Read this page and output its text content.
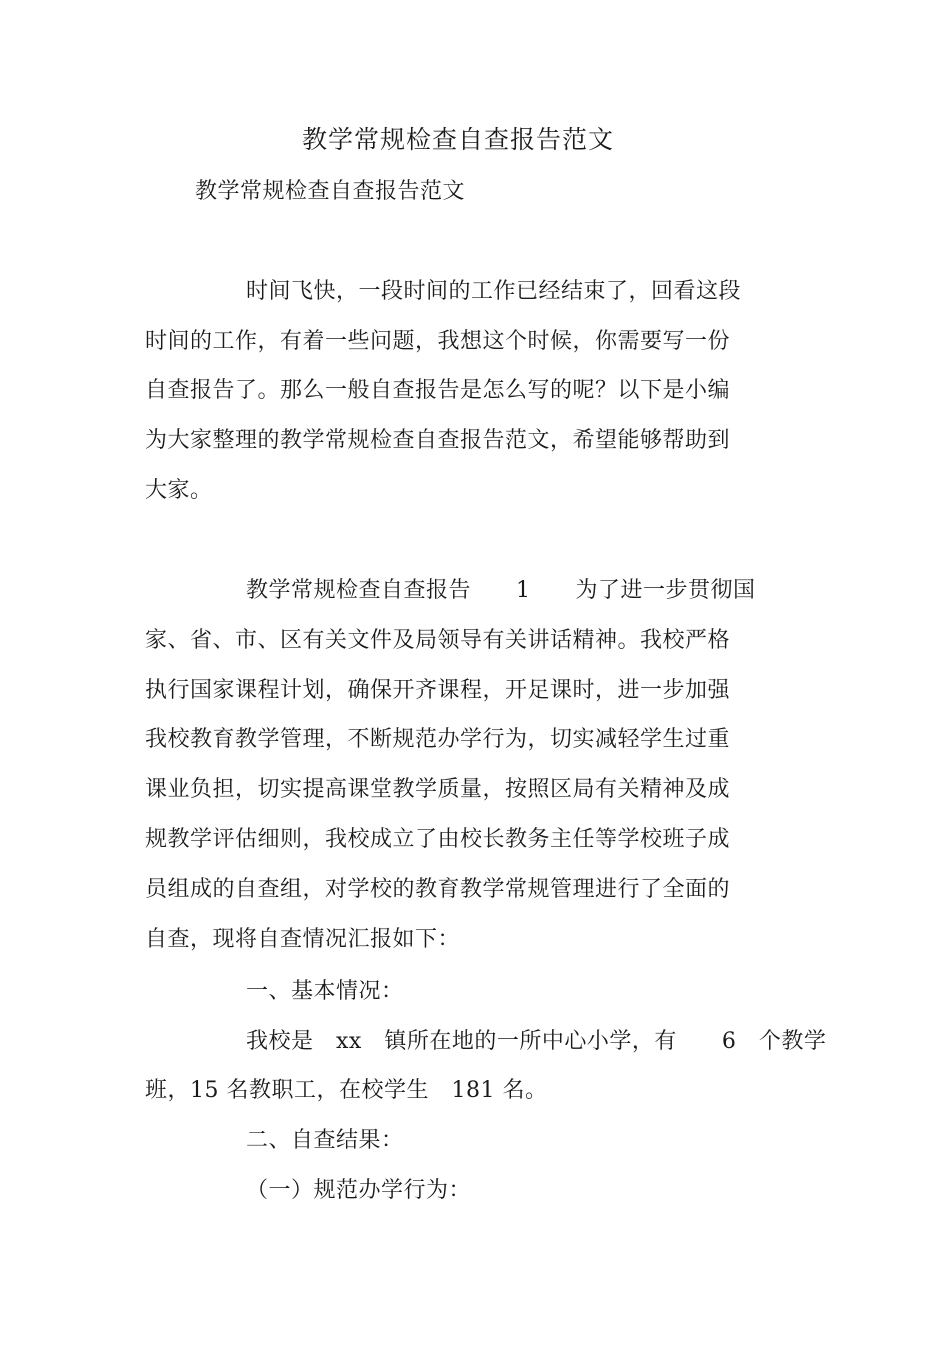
教学常规检查自查报告范文
教学常规检查自查报告范文
时间飞快，一段时间的工作已经结束了，回看这段
时间的工作，有着一些问题，我想这个时候，你需要写一份
自查报告了。那么一般自查报告是怎么写的呢？以下是小编
为大家整理的教学常规检查自查报告范文，希望能够帮助到
大家。
教学常规检查自查报告　　1　　为了进一步贯彻国
家、省、市、区有关文件及局领导有关讲话精神。我校严格
执行国家课程计划，确保开齐课程，开足课时，进一步加强
我校教育教学管理，不断规范办学行为，切实减轻学生过重
课业负担，切实提高课堂教学质量，按照区局有关精神及成
规教学评估细则，我校成立了由校长教务主任等学校班子成
员组成的自查组，对学校的教育教学常规管理进行了全面的
自查，现将自查情况汇报如下：
一、基本情况：
我校是　xx　镇所在地的一所中心小学，有　　6　个教学
班，15 名教职工，在校学生　181 名。
二、自查结果：
（一）规范办学行为：
